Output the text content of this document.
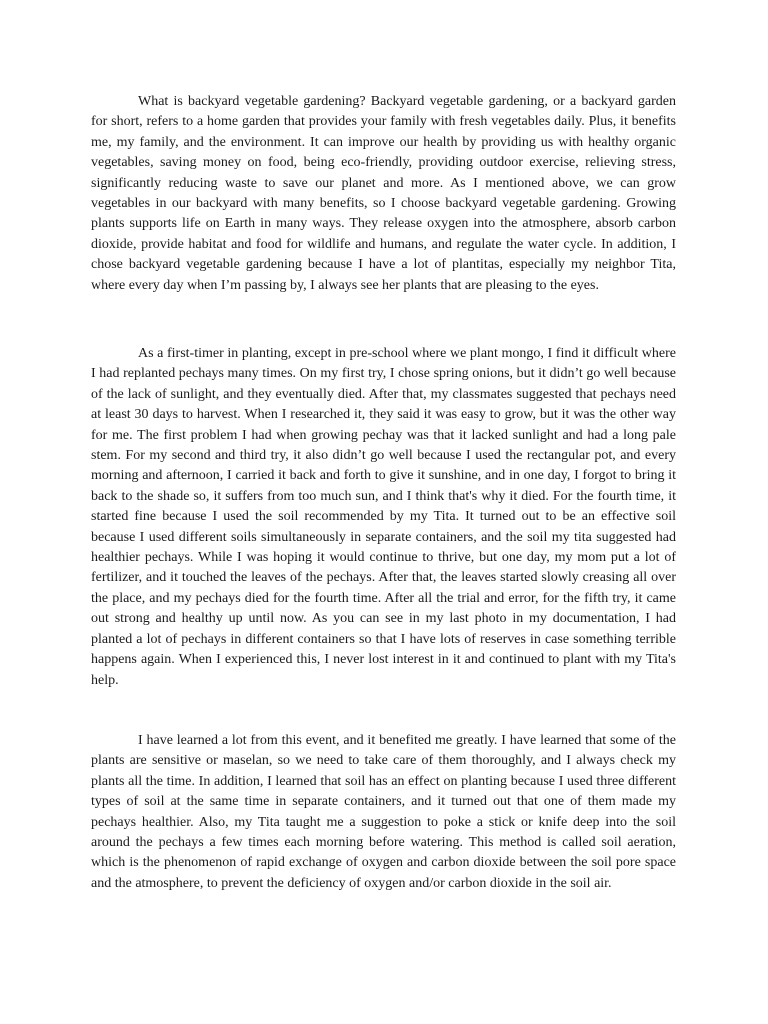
What is backyard vegetable gardening? Backyard vegetable gardening, or a backyard garden for short, refers to a home garden that provides your family with fresh vegetables daily. Plus, it benefits me, my family, and the environment. It can improve our health by providing us with healthy organic vegetables, saving money on food, being eco-friendly, providing outdoor exercise, relieving stress, significantly reducing waste to save our planet and more. As I mentioned above, we can grow vegetables in our backyard with many benefits, so I choose backyard vegetable gardening. Growing plants supports life on Earth in many ways. They release oxygen into the atmosphere, absorb carbon dioxide, provide habitat and food for wildlife and humans, and regulate the water cycle. In addition, I chose backyard vegetable gardening because I have a lot of plantitas, especially my neighbor Tita, where every day when I’m passing by, I always see her plants that are pleasing to the eyes.

As a first-timer in planting, except in pre-school where we plant mongo, I find it difficult where I had replanted pechays many times. On my first try, I chose spring onions, but it didn’t go well because of the lack of sunlight, and they eventually died. After that, my classmates suggested that pechays need at least 30 days to harvest. When I researched it, they said it was easy to grow, but it was the other way for me. The first problem I had when growing pechay was that it lacked sunlight and had a long pale stem. For my second and third try, it also didn’t go well because I used the rectangular pot, and every morning and afternoon, I carried it back and forth to give it sunshine, and in one day, I forgot to bring it back to the shade so, it suffers from too much sun, and I think that's why it died. For the fourth time, it started fine because I used the soil recommended by my Tita. It turned out to be an effective soil because I used different soils simultaneously in separate containers, and the soil my tita suggested had healthier pechays. While I was hoping it would continue to thrive, but one day, my mom put a lot of fertilizer, and it touched the leaves of the pechays. After that, the leaves started slowly creasing all over the place, and my pechays died for the fourth time. After all the trial and error, for the fifth try, it came out strong and healthy up until now. As you can see in my last photo in my documentation, I had planted a lot of pechays in different containers so that I have lots of reserves in case something terrible happens again. When I experienced this, I never lost interest in it and continued to plant with my Tita's help.

I have learned a lot from this event, and it benefited me greatly. I have learned that some of the plants are sensitive or maselan, so we need to take care of them thoroughly, and I always check my plants all the time. In addition, I learned that soil has an effect on planting because I used three different types of soil at the same time in separate containers, and it turned out that one of them made my pechays healthier. Also, my Tita taught me a suggestion to poke a stick or knife deep into the soil around the pechays a few times each morning before watering. This method is called soil aeration, which is the phenomenon of rapid exchange of oxygen and carbon dioxide between the soil pore space and the atmosphere, to prevent the deficiency of oxygen and/or carbon dioxide in the soil air.
